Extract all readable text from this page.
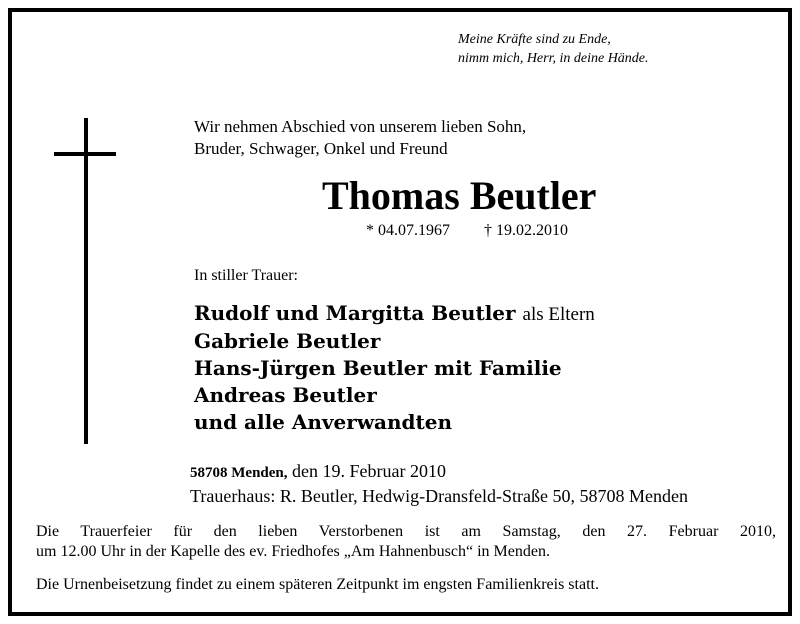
Meine Kräfte sind zu Ende,
nimm mich, Herr, in deine Hände.
Wir nehmen Abschied von unserem lieben Sohn,
Bruder, Schwager, Onkel und Freund
Thomas Beutler
* 04.07.1967 † 19.02.2010
In stiller Trauer:
Rudolf und Margitta Beutler als Eltern
Gabriele Beutler
Hans-Jürgen Beutler mit Familie
Andreas Beutler
und alle Anverwandten
58708 Menden, den 19. Februar 2010
Trauerhaus: R. Beutler, Hedwig-Dransfeld-Straße 50, 58708 Menden
Die Trauerfeier für den lieben Verstorbenen ist am Samstag, den 27. Februar 2010,
um 12.00 Uhr in der Kapelle des ev. Friedhofes „Am Hahnenbusch“ in Menden.
Die Urnenbeisetzung findet zu einem späteren Zeitpunkt im engsten Familienkreis statt.
